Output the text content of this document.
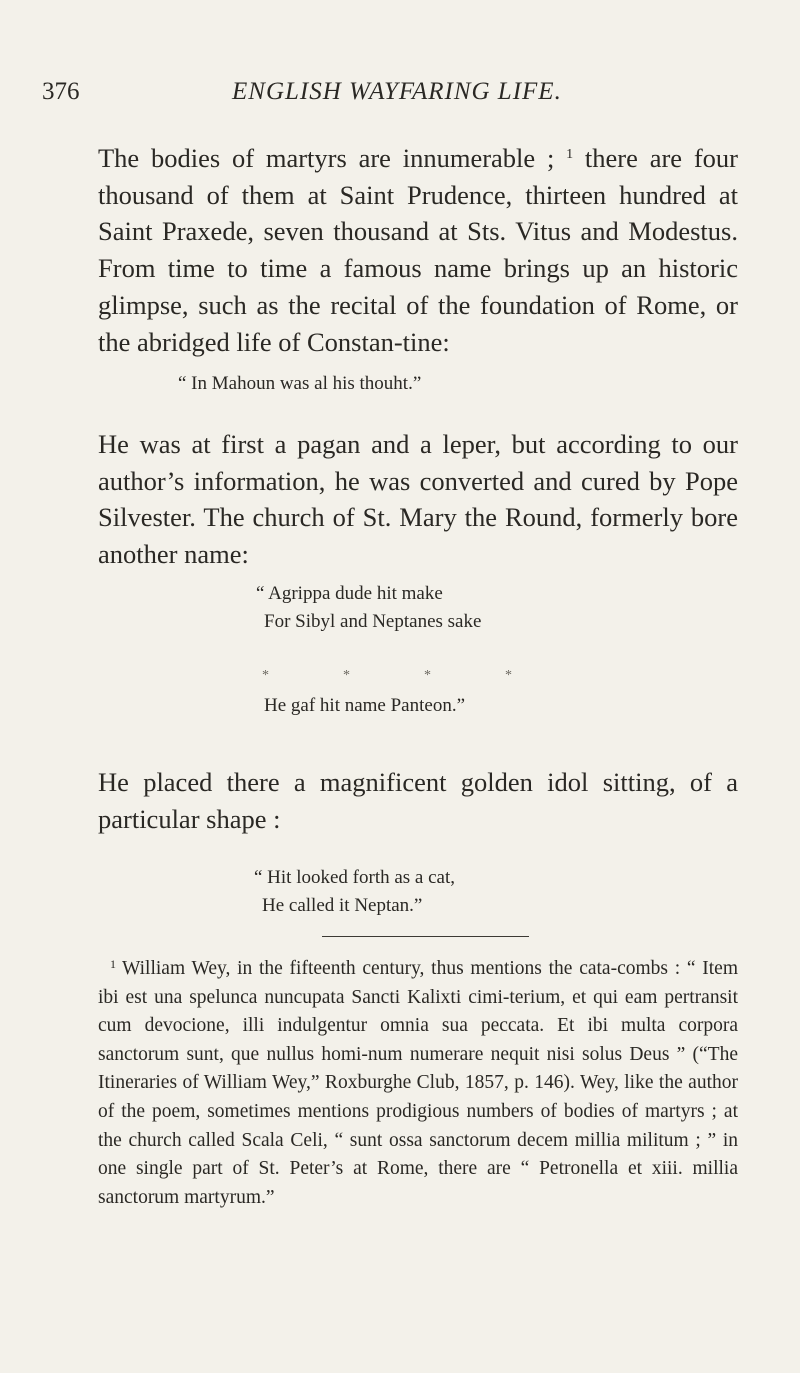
376	ENGLISH WAYFARING LIFE.

The bodies of martyrs are innumerable ; $^1$ there are four thousand of them at Saint Prudence, thirteen hundred at Saint Praxede, seven thousand at Sts. Vitus and Modestus. From time to time a famous name brings up an historic glimpse, such as the recital of the foundation of Rome, or the abridged life of Constan-tine:

“ In Mahoun was al his thouht.”

He was at first a pagan and a leper, but according to our author’s information, he was converted and cured by Pope Silvester. The church of St. Mary the Round, formerly bore another name:

“ Agrippa dude hit make
For Sibyl and Neptanes sake
*	*	*	*
He gaf hit name Panteon.”

He placed there a magnificent golden idol sitting, of a particular shape :

“ Hit looked forth as a cat,
He called it Neptan.”

$^1$ William Wey, in the fifteenth century, thus mentions the cata-combs : “ Item ibi est una spelunca nuncupata Sancti Kalixti cimi-terium, et qui eam pertransit cum devocione, illi indulgentur omnia sua peccata. Et ibi multa corpora sanctorum sunt, que nullus homi-num numerare nequit nisi solus Deus ” (“The Itineraries of William Wey,” Roxburghe Club, 1857, p. 146). Wey, like the author of the poem, sometimes mentions prodigious numbers of bodies of martyrs ; at the church called Scala Celi, “ sunt ossa sanctorum decem millia militum ; ” in one single part of St. Peter’s at Rome, there are “ Petronella et xiii. millia sanctorum martyrum.”
